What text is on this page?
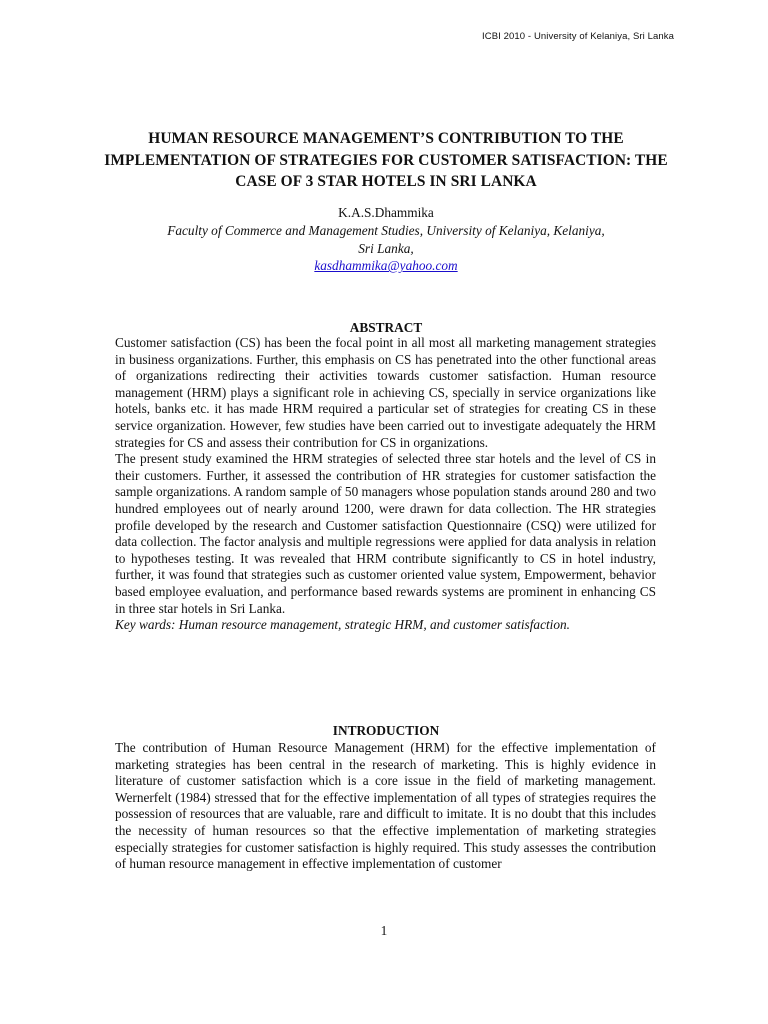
ICBI 2010 - University of Kelaniya, Sri Lanka
HUMAN RESOURCE MANAGEMENT’S CONTRIBUTION TO THE IMPLEMENTATION OF STRATEGIES FOR CUSTOMER SATISFACTION: THE CASE OF 3 STAR HOTELS IN SRI LANKA
K.A.S.Dhammika
Faculty of Commerce and Management Studies, University of Kelaniya, Kelaniya,
Sri Lanka,
kasdhammika@yahoo.com
ABSTRACT

Customer satisfaction (CS) has been the focal point in all most all marketing management strategies in business organizations. Further, this emphasis on CS has penetrated into the other functional areas of organizations redirecting their activities towards customer satisfaction. Human resource management (HRM) plays a significant role in achieving CS, specially in service organizations like hotels, banks etc. it has made HRM required a particular set of strategies for creating CS in these service organization. However, few studies have been carried out to investigate adequately the HRM strategies for CS and assess their contribution for CS in organizations.

The present study examined the HRM strategies of selected three star hotels and the level of CS in their customers. Further, it assessed the contribution of HR strategies for customer satisfaction the sample organizations. A random sample of 50 managers whose population stands around 280 and two hundred employees out of nearly around 1200, were drawn for data collection. The HR strategies profile developed by the research and Customer satisfaction Questionnaire (CSQ) were utilized for data collection. The factor analysis and multiple regressions were applied for data analysis in relation to hypotheses testing. It was revealed that HRM contribute significantly to CS in hotel industry, further, it was found that strategies such as customer oriented value system, Empowerment, behavior based employee evaluation, and performance based rewards systems are prominent in enhancing CS in three star hotels in Sri Lanka.

Key wards: Human resource management, strategic HRM, and customer satisfaction.

INTRODUCTION

The contribution of Human Resource Management (HRM) for the effective implementation of marketing strategies has been central in the research of marketing. This is highly evidence in literature of customer satisfaction which is a core issue in the field of marketing management. Wernerfelt (1984) stressed that for the effective implementation of all types of strategies requires the possession of resources that are valuable, rare and difficult to imitate. It is no doubt that this includes the necessity of human resources so that the effective implementation of marketing strategies especially strategies for customer satisfaction is highly required. This study assesses the contribution of human resource management in effective implementation of customer

1
